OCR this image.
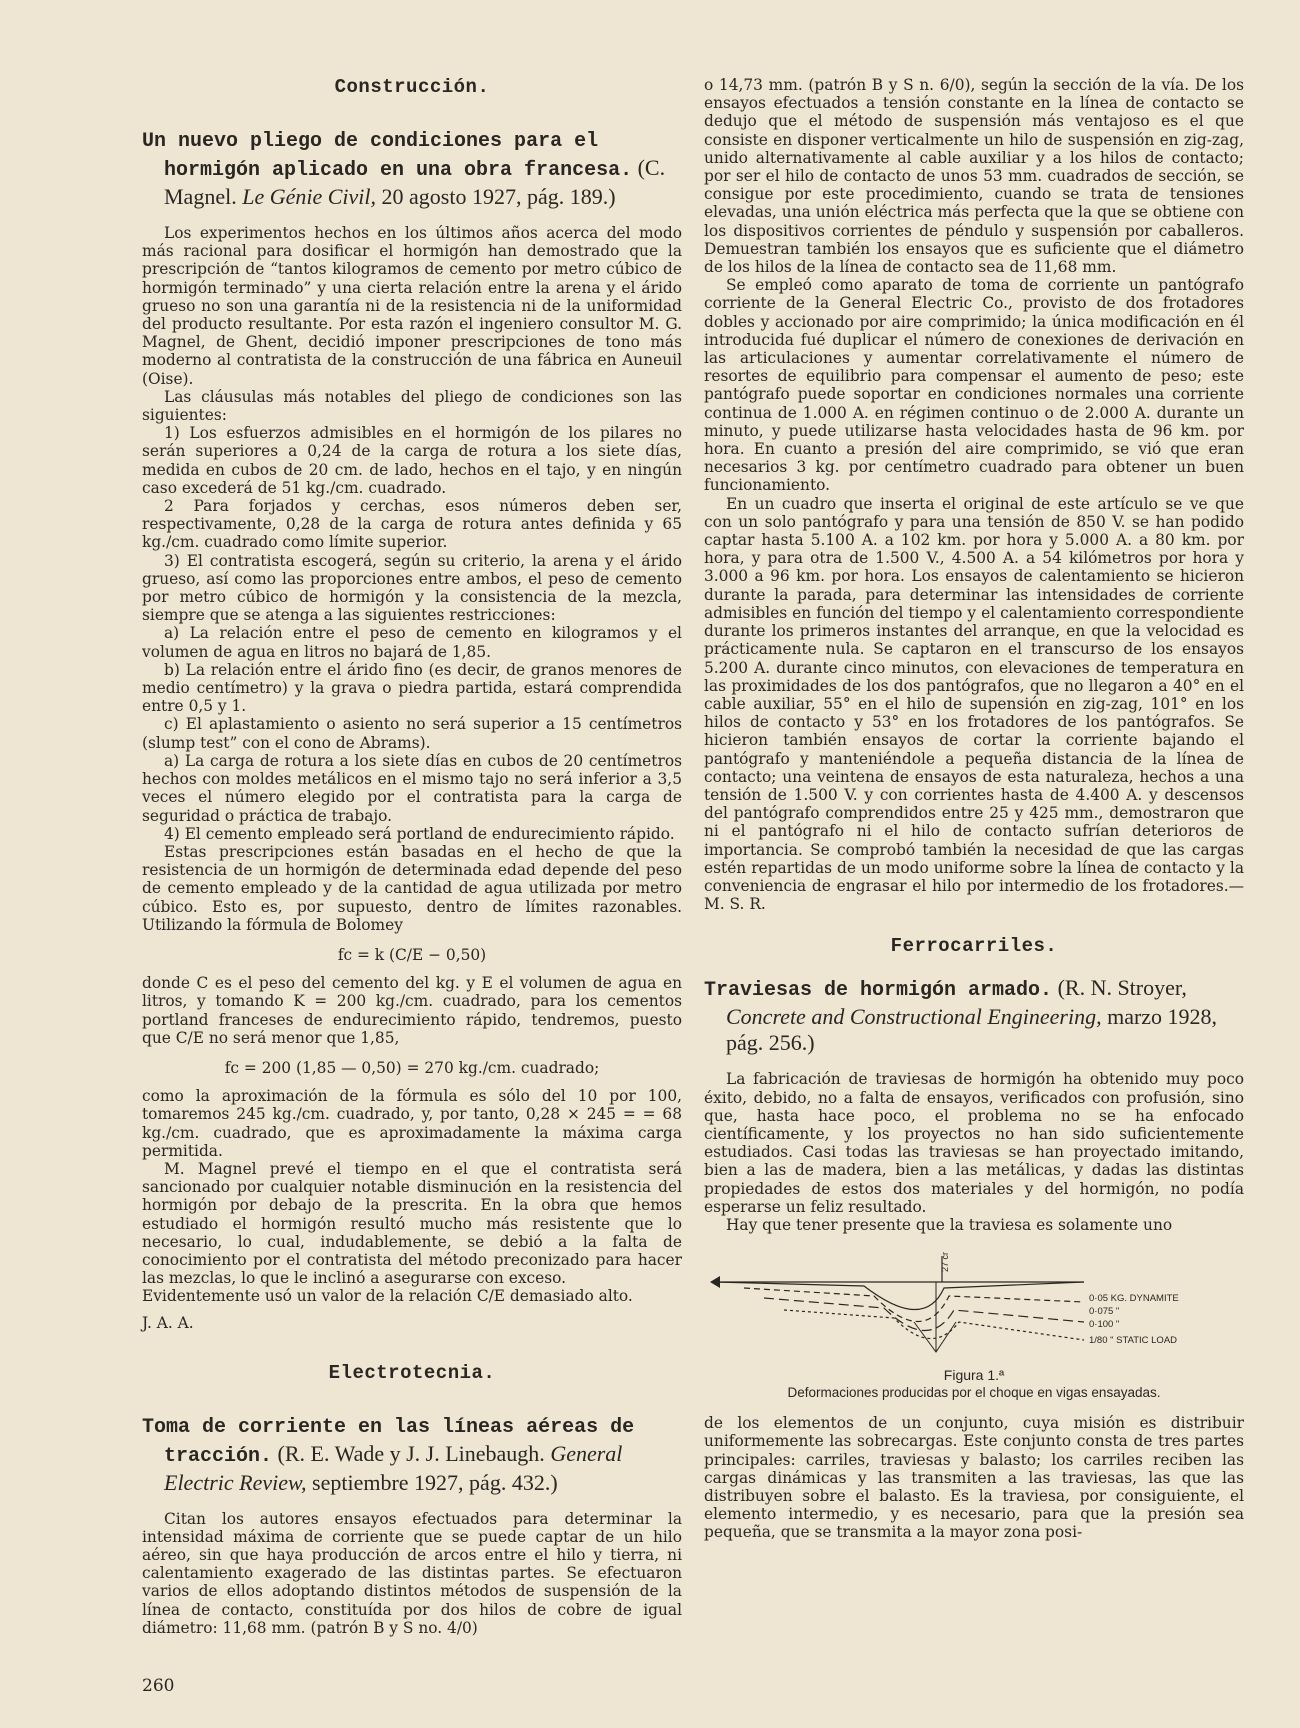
Construcción.
Un nuevo pliego de condiciones para el hormigón aplicado en una obra francesa. (C. Magnel. Le Génie Civil, 20 agosto 1927, pág. 189.)

Los experimentos hechos en los últimos años acerca del modo más racional para dosificar el hormigón han demostrado que la prescripción de “tantos kilogramos de cemento por metro cúbico de hormigón terminado” y una cierta relación entre la arena y el árido grueso no son una garantía ni de la resistencia ni de la uniformidad del producto resultante. Por esta razón el ingeniero consultor M. G. Magnel, de Ghent, decidió imponer prescripciones de tono más moderno al contratista de la construcción de una fábrica en Auneuil (Oise).

Las cláusulas más notables del pliego de condiciones son las siguientes:

1) Los esfuerzos admisibles en el hormigón de los pilares no serán superiores a 0,24 de la carga de rotura a los siete días, medida en cubos de 20 cm. de lado, hechos en el tajo, y en ningún caso excederá de 51 kg./cm. cuadrado.

2 Para forjados y cerchas, esos números deben ser, respectivamente, 0,28 de la carga de rotura antes definida y 65 kg./cm. cuadrado como límite superior.

3) El contratista escogerá, según su criterio, la arena y el árido grueso, así como las proporciones entre ambos, el peso de cemento por metro cúbico de hormigón y la consistencia de la mezcla, siempre que se atenga a las siguientes restricciones:

a) La relación entre el peso de cemento en kilogramos y el volumen de agua en litros no bajará de 1,85.

b) La relación entre el árido fino (es decir, de granos menores de medio centímetro) y la grava o piedra partida, estará comprendida entre 0,5 y 1.

c) El aplastamiento o asiento no será superior a 15 centímetros (slump test” con el cono de Abrams).

a) La carga de rotura a los siete días en cubos de 20 centímetros hechos con moldes metálicos en el mismo tajo no será inferior a 3,5 veces el número elegido por el contratista para la carga de seguridad o práctica de trabajo.

4) El cemento empleado será portland de endurecimiento rápido.

Estas prescripciones están basadas en el hecho de que la resistencia de un hormigón de determinada edad depende del peso de cemento empleado y de la cantidad de agua utilizada por metro cúbico. Esto es, por supuesto, dentro de límites razonables. Utilizando la fórmula de Bolomey

fc = k (C/E − 0,50)

donde C es el peso del cemento del kg. y E el volumen de agua en litros, y tomando K = 200 kg./cm. cuadrado, para los cementos portland franceses de endurecimiento rápido, tendremos, puesto que C/E no será menor que 1,85,

fc = 200 (1,85 — 0,50) = 270 kg./cm. cuadrado;

como la aproximación de la fórmula es sólo del 10 por 100, tomaremos 245 kg./cm. cuadrado, y, por tanto, 0,28 × 245 = = 68 kg./cm. cuadrado, que es aproximadamente la máxima carga permitida.

M. Magnel prevé el tiempo en el que el contratista será sancionado por cualquier notable disminución en la resistencia del hormigón por debajo de la prescrita. En la obra que hemos estudiado el hormigón resultó mucho más resistente que lo necesario, lo cual, indudablemente, se debió a la falta de conocimiento por el contratista del método preconizado para hacer las mezclas, lo que le inclinó a asegurarse con exceso.

Evidentemente usó un valor de la relación C/E demasiado alto.

J. A. A.
Electrotecnia.
Toma de corriente en las líneas aéreas de tracción. (R. E. Wade y J. J. Linebaugh. General Electric Review, septiembre 1927, pág. 432.)

Citan los autores ensayos efectuados para determinar la intensidad máxima de corriente que se puede captar de un hilo aéreo, sin que haya producción de arcos entre el hilo y tierra, ni calentamiento exagerado de las distintas partes. Se efectuaron varios de ellos adoptando distintos métodos de suspensión de la línea de contacto, constituída por dos hilos de cobre de igual diámetro: 11,68 mm. (patrón B y S no. 4/0)

o 14,73 mm. (patrón B y S n. 6/0), según la sección de la vía. De los ensayos efectuados a tensión constante en la línea de contacto se dedujo que el método de suspensión más ventajoso es el que consiste en disponer verticalmente un hilo de suspensión en zig-zag, unido alternativamente al cable auxiliar y a los hilos de contacto; por ser el hilo de contacto de unos 53 mm. cuadrados de sección, se consigue por este procedimiento, cuando se trata de tensiones elevadas, una unión eléctrica más perfecta que la que se obtiene con los dispositivos corrientes de péndulo y suspensión por caballeros. Demuestran también los ensayos que es suficiente que el diámetro de los hilos de la línea de contacto sea de 11,68 mm.

Se empleó como aparato de toma de corriente un pantógrafo corriente de la General Electric Co., provisto de dos frotadores dobles y accionado por aire comprimido; la única modificación en él introducida fué duplicar el número de conexiones de derivación en las articulaciones y aumentar correlativamente el número de resortes de equilibrio para compensar el aumento de peso; este pantógrafo puede soportar en condiciones normales una corriente continua de 1.000 A. en régimen continuo o de 2.000 A. durante un minuto, y puede utilizarse hasta velocidades hasta de 96 km. por hora. En cuanto a presión del aire comprimido, se vió que eran necesarios 3 kg. por centímetro cuadrado para obtener un buen funcionamiento.

En un cuadro que inserta el original de este artículo se ve que con un solo pantógrafo y para una tensión de 850 V. se han podido captar hasta 5.100 A. a 102 km. por hora y 5.000 A. a 80 km. por hora, y para otra de 1.500 V., 4.500 A. a 54 kilómetros por hora y 3.000 a 96 km. por hora. Los ensayos de calentamiento se hicieron durante la parada, para determinar las intensidades de corriente admisibles en función del tiempo y el calentamiento correspondiente durante los primeros instantes del arranque, en que la velocidad es prácticamente nula. Se captaron en el transcurso de los ensayos 5.200 A. durante cinco minutos, con elevaciones de temperatura en las proximidades de los dos pantógrafos, que no llegaron a 40° en el cable auxiliar, 55° en el hilo de supensión en zig-zag, 101° en los hilos de contacto y 53° en los frotadores de los pantógrafos. Se hicieron también ensayos de cortar la corriente bajando el pantógrafo y manteniéndole a pequeña distancia de la línea de contacto; una veintena de ensayos de esta naturaleza, hechos a una tensión de 1.500 V. y con corrientes hasta de 4.400 A. y descensos del pantógrafo comprendidos entre 25 y 425 mm., demostraron que ni el pantógrafo ni el hilo de contacto sufrían deterioros de importancia. Se comprobó también la necesidad de que las cargas estén repartidas de un modo uniforme sobre la línea de contacto y la conveniencia de engrasar el hilo por intermedio de los frotadores.—M. S. R.

Ferrocarriles.
Traviesas de hormigón armado. (R. N. Stroyer, Concrete and Constructional Engineering, marzo 1928, pág. 256.)

La fabricación de traviesas de hormigón ha obtenido muy poco éxito, debido, no a falta de ensayos, verificados con profusión, sino que, hasta hace poco, el problema no se ha enfocado científicamente, y los proyectos no han sido suficientemente estudiados. Casi todas las traviesas se han proyectado imitando, bien a las de madera, bien a las metálicas, y dadas las distintas propiedades de estos dos materiales y del hormigón, no podía esperarse un feliz resultado.

Hay que tener presente que la traviesa es solamente uno

27 cm
0·05 KG. DYNAMITE
0·075 "
0·100 "
1/80 " STATIC LOAD
Figura 1.ª
Deformaciones producidas por el choque en vigas ensayadas.

de los elementos de un conjunto, cuya misión es distribuir uniformemente las sobrecargas. Este conjunto consta de tres partes principales: carriles, traviesas y balasto; los carriles reciben las cargas dinámicas y las transmiten a las traviesas, las que las distribuyen sobre el balasto. Es la traviesa, por consiguiente, el elemento intermedio, y es necesario, para que la presión sea pequeña, que se transmita a la mayor zona posi-

260
